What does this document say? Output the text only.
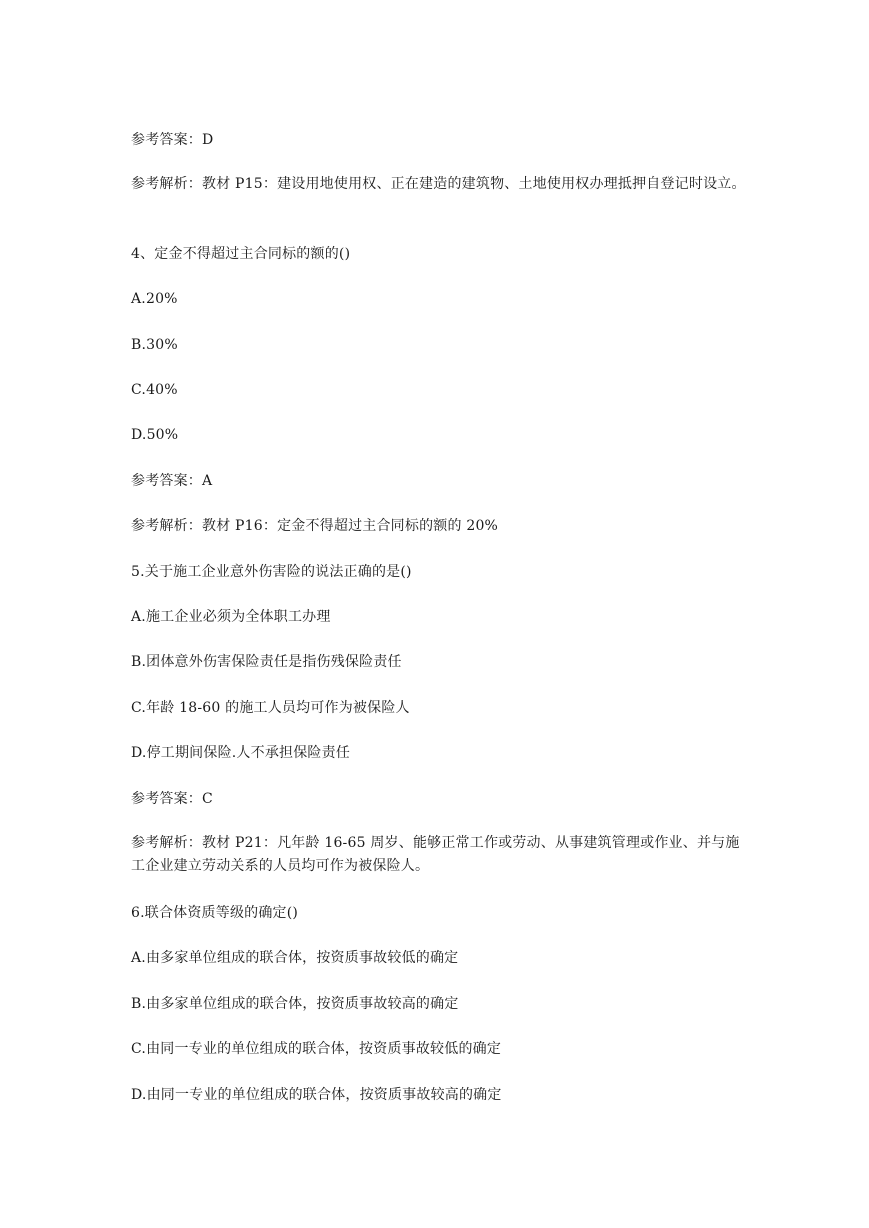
参考答案：D

参考解析：教材 P15：建设用地使用权、正在建造的建筑物、土地使用权办理抵押自登记时设立。

4、定金不得超过主合同标的额的()

A.20%

B.30%

C.40%

D.50%

参考答案：A

参考解析：教材 P16：定金不得超过主合同标的额的 20%

5.关于施工企业意外伤害险的说法正确的是()

A.施工企业必须为全体职工办理

B.团体意外伤害保险责任是指伤残保险责任

C.年龄 18-60 的施工人员均可作为被保险人

D.停工期间保险.人不承担保险责任

参考答案：C

参考解析：教材 P21：凡年龄 16-65 周岁、能够正常工作或劳动、从事建筑管理或作业、并与施工企业建立劳动关系的人员均可作为被保险人。

6.联合体资质等级的确定()

A.由多家单位组成的联合体，按资质事故较低的确定

B.由多家单位组成的联合体，按资质事故较高的确定

C.由同一专业的单位组成的联合体，按资质事故较低的确定

D.由同一专业的单位组成的联合体，按资质事故较高的确定
